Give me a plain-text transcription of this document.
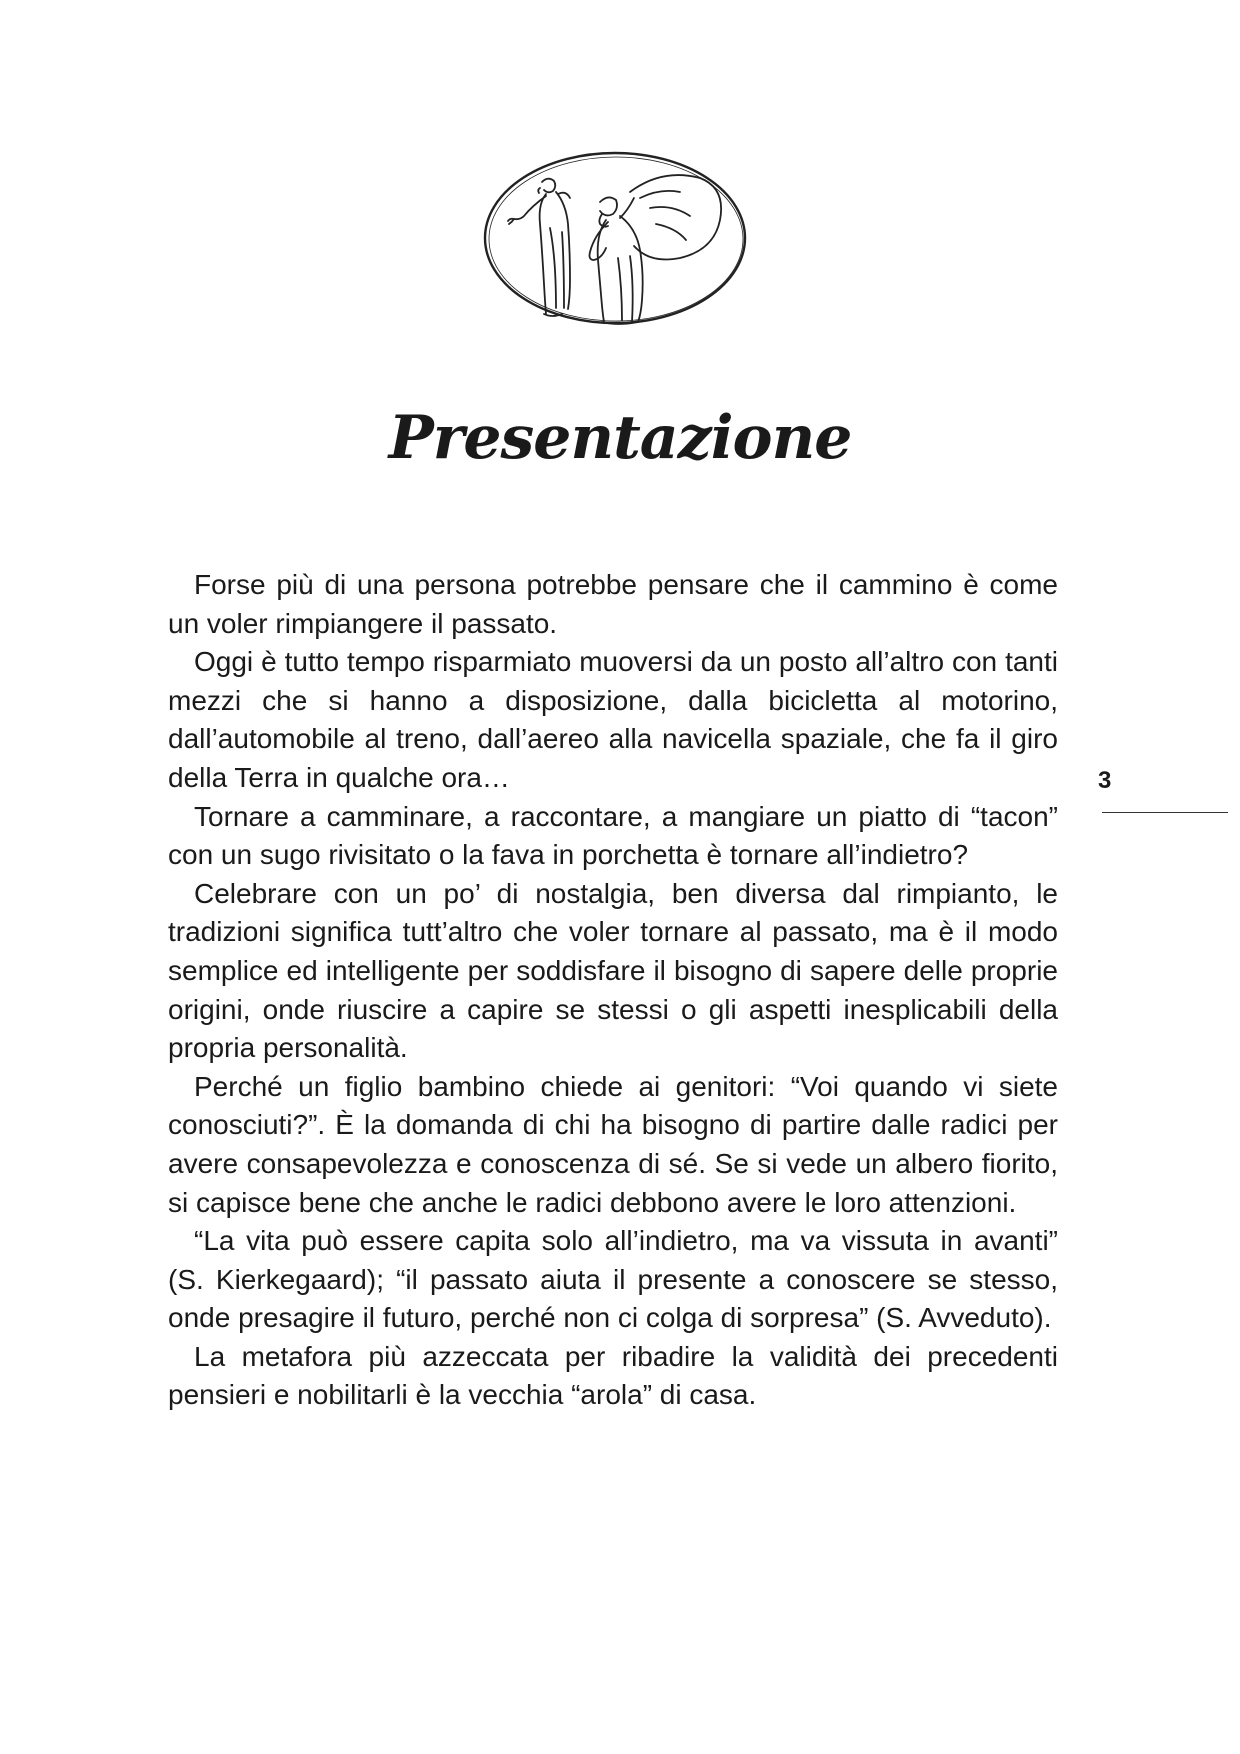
Presentazione

Forse più di una persona potrebbe pensare che il cammino è come un voler rimpiangere il passato.

Oggi è tutto tempo risparmiato muoversi da un posto all’altro con tanti mezzi che si hanno a disposizione, dalla bicicletta al motorino, dall’automobile al treno, dall’aereo alla navicella spaziale, che fa il giro della Terra in qualche ora…

Tornare a camminare, a raccontare, a mangiare un piatto di “tacon” con un sugo rivisitato o la fava in porchetta è tornare all’indietro?

Celebrare con un po’ di nostalgia, ben diversa dal rimpianto, le tradizioni significa tutt’altro che voler tornare al passato, ma è il modo semplice ed intelligente per soddisfare il bisogno di sapere delle proprie origini, onde riuscire a capire se stessi o gli aspetti inesplicabili della propria personalità.

Perché un figlio bambino chiede ai genitori: “Voi quando vi siete conosciuti?”. È la domanda di chi ha bisogno di partire dalle radici per avere consapevolezza e conoscenza di sé. Se si vede un albero fiorito, si capisce bene che anche le radici debbono avere le loro attenzioni.

“La vita può essere capita solo all’indietro, ma va vissuta in avanti” (S. Kierkegaard); “il passato aiuta il presente a conoscere se stesso, onde presagire il futuro, perché non ci colga di sorpresa” (S. Avveduto).

La metafora più azzeccata per ribadire la validità dei precedenti pensieri e nobilitarli è la vecchia “arola” di casa.

3
